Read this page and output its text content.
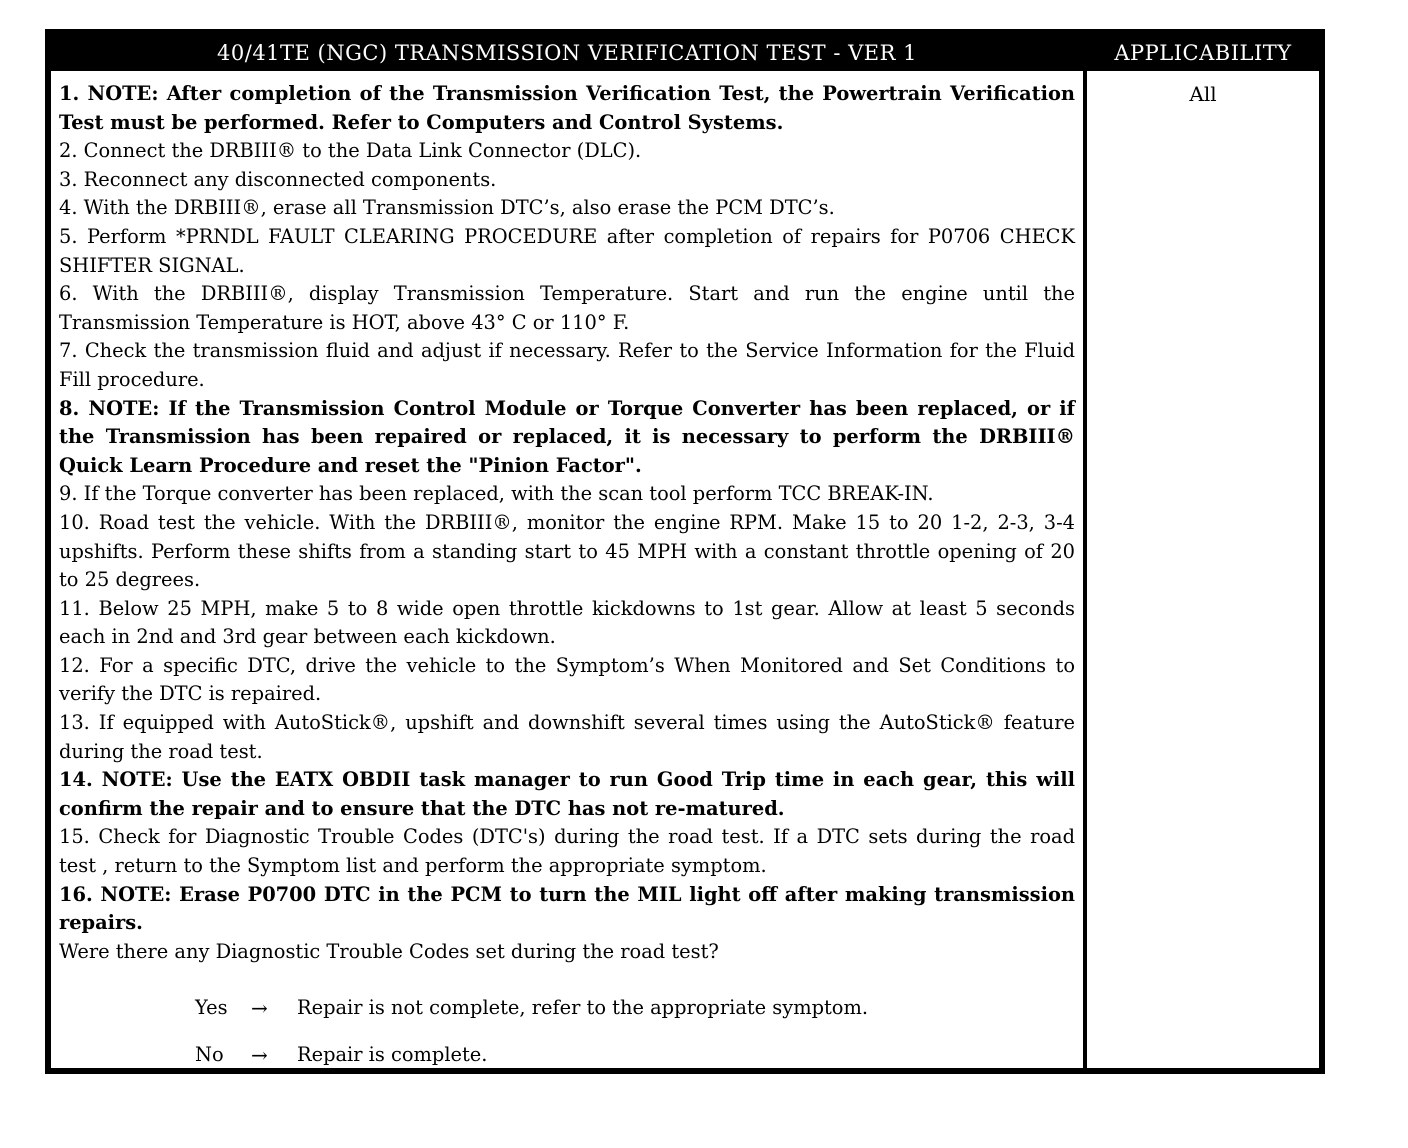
40/41TE (NGC) TRANSMISSION VERIFICATION TEST - VER 1	APPLICABILITY

1. NOTE: After completion of the Transmission Verification Test, the Powertrain Verification Test must be performed. Refer to Computers and Control Systems.

2. Connect the DRBIII® to the Data Link Connector (DLC).

3. Reconnect any disconnected components.

4. With the DRBIII®, erase all Transmission DTC’s, also erase the PCM DTC’s.

5. Perform *PRNDL FAULT CLEARING PROCEDURE after completion of repairs for P0706 CHECK SHIFTER SIGNAL.

6. With the DRBIII®, display Transmission Temperature. Start and run the engine until the Transmission Temperature is HOT, above 43° C or 110° F.

7. Check the transmission fluid and adjust if necessary. Refer to the Service Information for the Fluid Fill procedure.

8. NOTE: If the Transmission Control Module or Torque Converter has been replaced, or if the Transmission has been repaired or replaced, it is necessary to perform the DRBIII® Quick Learn Procedure and reset the "Pinion Factor".

9. If the Torque converter has been replaced, with the scan tool perform TCC BREAK-IN.

10. Road test the vehicle. With the DRBIII®, monitor the engine RPM. Make 15 to 20 1-2, 2-3, 3-4 upshifts. Perform these shifts from a standing start to 45 MPH with a constant throttle opening of 20 to 25 degrees.

11. Below 25 MPH, make 5 to 8 wide open throttle kickdowns to 1st gear. Allow at least 5 seconds each in 2nd and 3rd gear between each kickdown.

12. For a specific DTC, drive the vehicle to the Symptom’s When Monitored and Set Conditions to verify the DTC is repaired.

13. If equipped with AutoStick®, upshift and downshift several times using the AutoStick® feature during the road test.

14. NOTE: Use the EATX OBDII task manager to run Good Trip time in each gear, this will confirm the repair and to ensure that the DTC has not re-matured.

15. Check for Diagnostic Trouble Codes (DTC's) during the road test. If a DTC sets during the road test , return to the Symptom list and perform the appropriate symptom.

16. NOTE: Erase P0700 DTC in the PCM to turn the MIL light off after making transmission repairs.

Were there any Diagnostic Trouble Codes set during the road test?

Yes	→	Repair is not complete, refer to the appropriate symptom.
No	→	Repair is complete.
All
